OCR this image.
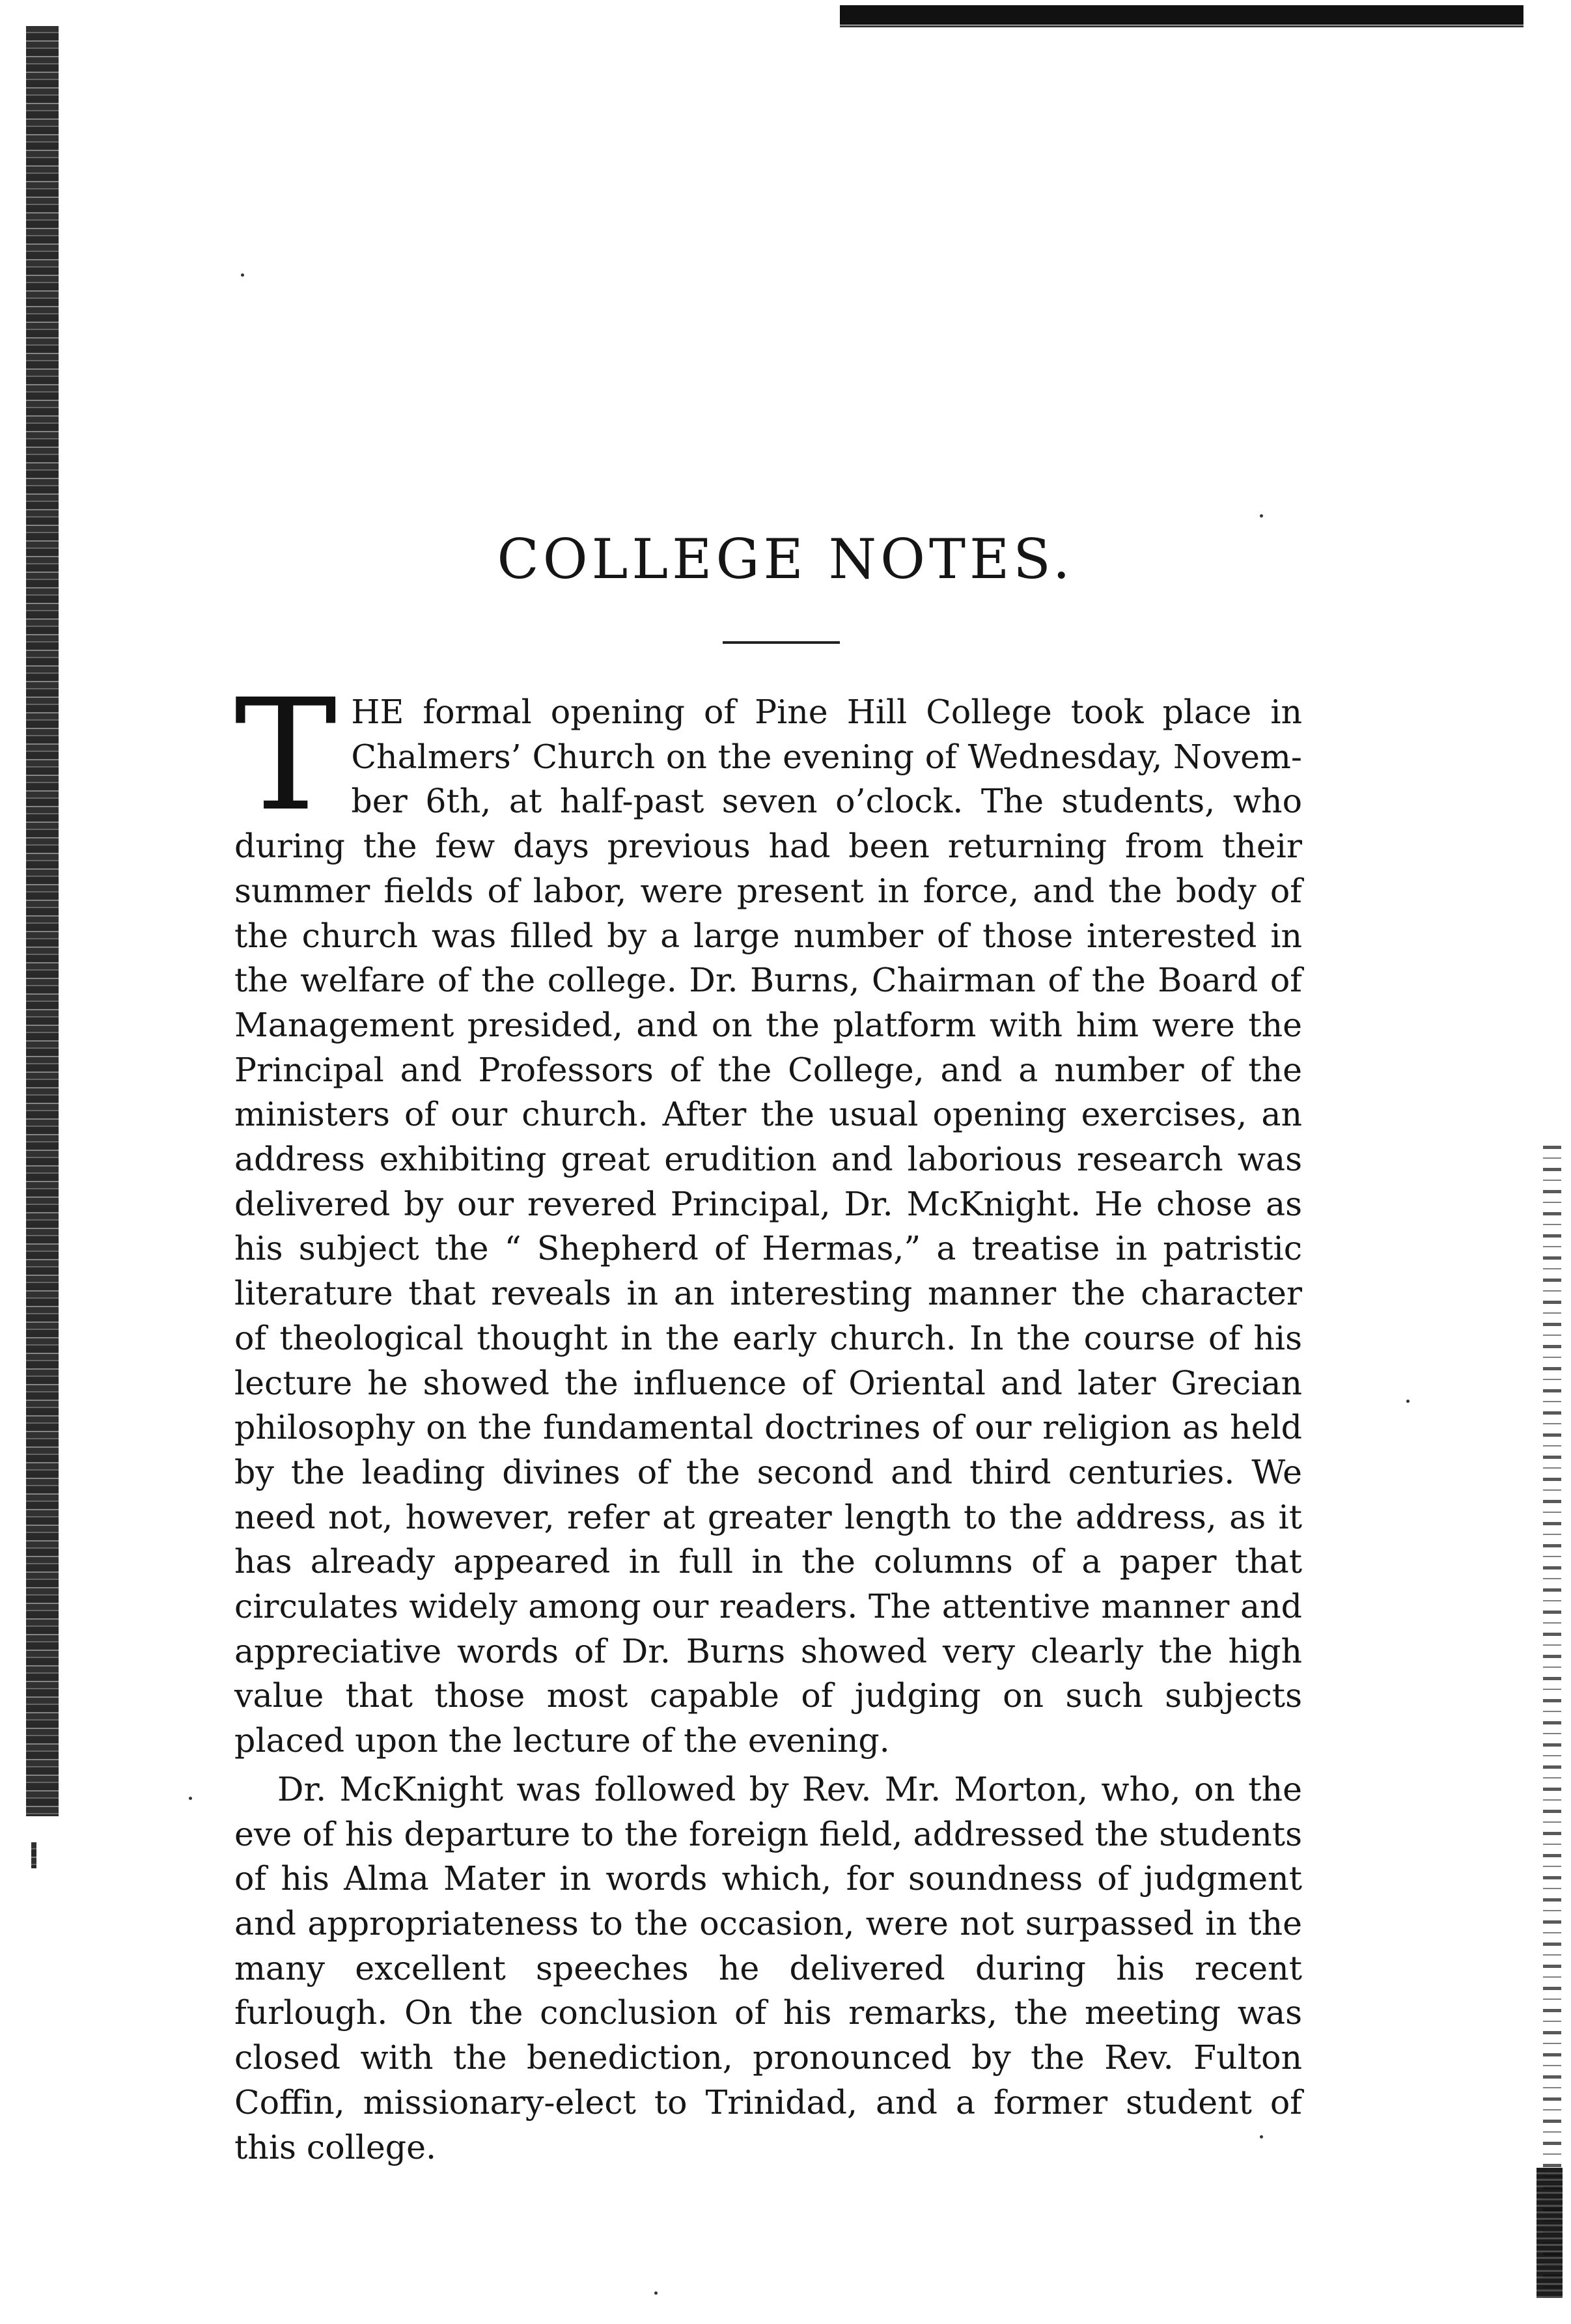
COLLEGE NOTES.

THE formal opening of Pine Hill College took place in Chalmers’ Church on the evening of Wednesday, November 6th, at half-past seven o’clock. The students, who during the few days previous had been returning from their summer fields of labor, were present in force, and the body of the church was filled by a large number of those interested in the welfare of the college. Dr. Burns, Chairman of the Board of Management presided, and on the platform with him were the Principal and Professors of the College, and a number of the ministers of our church. After the usual opening exercises, an address exhibiting great erudition and laborious research was delivered by our revered Principal, Dr. McKnight. He chose as his subject the “ Shepherd of Hermas,” a treatise in patristic literature that reveals in an interesting manner the character of theological thought in the early church. In the course of his lecture he showed the influence of Oriental and later Grecian philosophy on the fundamental doctrines of our religion as held by the leading divines of the second and third centuries. We need not, however, refer at greater length to the address, as it has already appeared in full in the columns of a paper that circulates widely among our readers. The attentive manner and appreciative words of Dr. Burns showed very clearly the high value that those most capable of judging on such subjects placed upon the lecture of the evening.

Dr. McKnight was followed by Rev. Mr. Morton, who, on the eve of his departure to the foreign field, addressed the students of his Alma Mater in words which, for soundness of judgment and appropriateness to the occasion, were not surpassed in the many excellent speeches he delivered during his recent furlough. On the conclusion of his remarks, the meeting was closed with the benediction, pronounced by the Rev. Fulton Coffin, missionary-elect to Trinidad, and a former student of this college.
